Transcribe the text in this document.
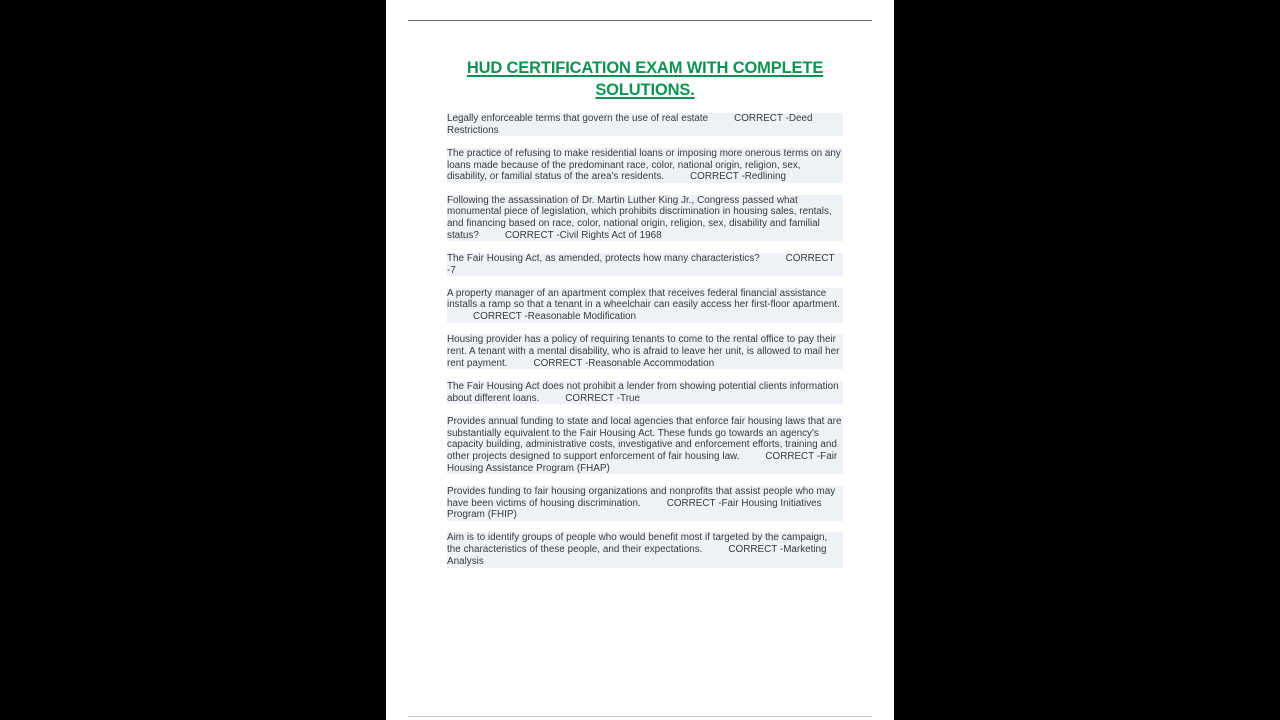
HUD CERTIFICATION EXAM WITH COMPLETE SOLUTIONS.

Legally enforceable terms that govern the use of real estate	CORRECT -Deed Restrictions

The practice of refusing to make residential loans or imposing more onerous terms on any loans made because of the predominant race, color, national origin, religion, sex, disability, or familial status of the area's residents.	CORRECT -Redlining

Following the assassination of Dr. Martin Luther King Jr., Congress passed what monumental piece of legislation, which prohibits discrimination in housing sales, rentals, and financing based on race, color, national origin, religion, sex, disability and familial status?	CORRECT -Civil Rights Act of 1968

The Fair Housing Act, as amended, protects how many characteristics?	CORRECT -7

A property manager of an apartment complex that receives federal financial assistance installs a ramp so that a tenant in a wheelchair can easily access her first-floor apartment.CORRECT -Reasonable Modification

Housing provider has a policy of requiring tenants to come to the rental office to pay their rent. A tenant with a mental disability, who is afraid to leave her unit, is allowed to mail her rent payment.	CORRECT -Reasonable Accommodation

The Fair Housing Act does not prohibit a lender from showing potential clients information about different loans.	CORRECT -True

Provides annual funding to state and local agencies that enforce fair housing laws that are substantially equivalent to the Fair Housing Act. These funds go towards an agency's capacity building, administrative costs, investigative and enforcement efforts, training and other projects designed to support enforcement of fair housing law.	CORRECT -Fair Housing Assistance Program (FHAP)

Provides funding to fair housing organizations and nonprofits that assist people who may have been victims of housing discrimination.	CORRECT -Fair Housing Initiatives Program (FHIP)

Aim is to identify groups of people who would benefit most if targeted by the campaign, the characteristics of these people, and their expectations.	CORRECT -Marketing Analysis
